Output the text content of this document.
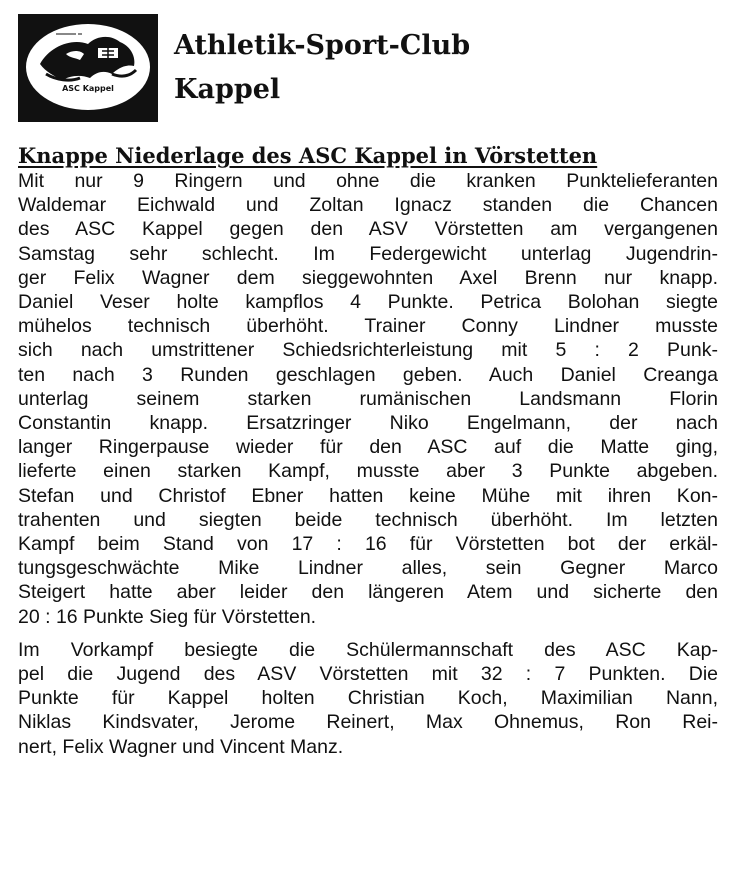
ASC Kappel
Athletik-Sport-Club
Kappel
Knappe Niederlage des ASC Kappel in Vörstetten
Mit nur 9 Ringern und ohne die kranken Punktelieferanten
Waldemar Eichwald und Zoltan Ignacz standen die Chancen
des ASC Kappel gegen den ASV Vörstetten am vergangenen
Samstag sehr schlecht. Im Federgewicht unterlag Jugendrin-
ger Felix Wagner dem sieggewohnten Axel Brenn nur knapp.
Daniel Veser holte kampflos 4 Punkte. Petrica Bolohan siegte
mühelos technisch überhöht. Trainer Conny Lindner musste
sich nach umstrittener Schiedsrichterleistung mit 5 : 2 Punk-
ten nach 3 Runden geschlagen geben. Auch Daniel Creanga
unterlag seinem starken rumänischen Landsmann Florin
Constantin knapp. Ersatzringer Niko Engelmann, der nach
langer Ringerpause wieder für den ASC auf die Matte ging,
lieferte einen starken Kampf, musste aber 3 Punkte abgeben.
Stefan und Christof Ebner hatten keine Mühe mit ihren Kon-
trahenten und siegten beide technisch überhöht. Im letzten
Kampf beim Stand von 17 : 16 für Vörstetten bot der erkäl-
tungsgeschwächte Mike Lindner alles, sein Gegner Marco
Steigert hatte aber leider den längeren Atem und sicherte den
20 : 16 Punkte Sieg für Vörstetten.
Im Vorkampf besiegte die Schülermannschaft des ASC Kap-
pel die Jugend des ASV Vörstetten mit 32 : 7 Punkten. Die
Punkte für Kappel holten Christian Koch, Maximilian Nann,
Niklas Kindsvater, Jerome Reinert, Max Ohnemus, Ron Rei-
nert, Felix Wagner und Vincent Manz.
